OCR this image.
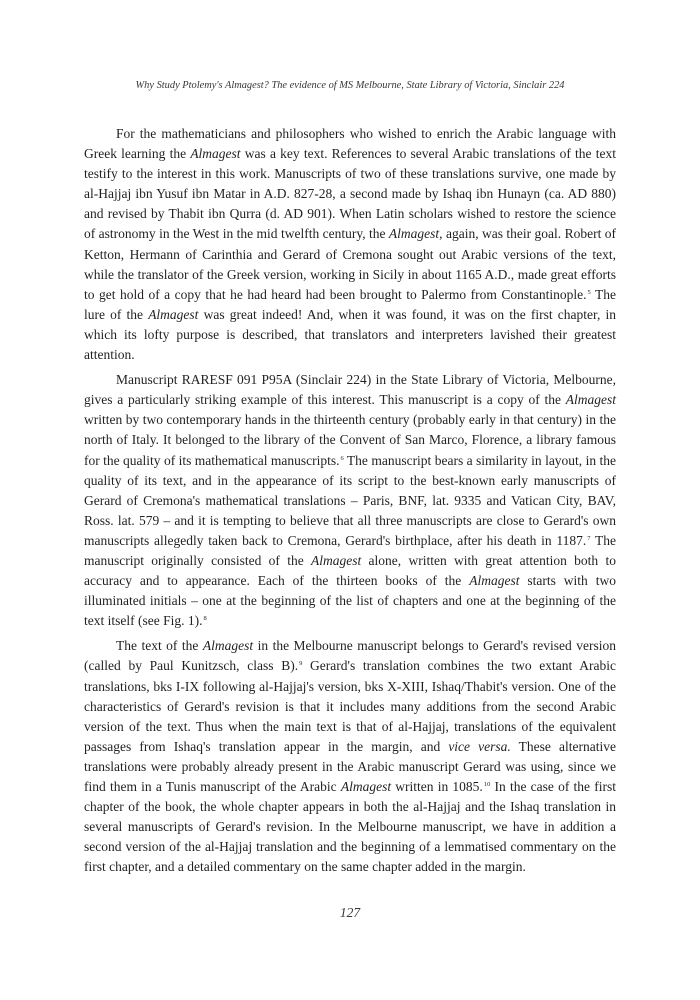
Why Study Ptolemy's Almagest? The evidence of MS Melbourne, State Library of Victoria, Sinclair 224

For the mathematicians and philosophers who wished to enrich the Arabic language with Greek learning the Almagest was a key text. References to several Arabic translations of the text testify to the interest in this work. Manuscripts of two of these translations survive, one made by al-Hajjaj ibn Yusuf ibn Matar in A.D. 827-28, a second made by Ishaq ibn Hunayn (ca. AD 880) and revised by Thabit ibn Qurra (d. AD 901). When Latin scholars wished to restore the science of astronomy in the West in the mid twelfth century, the Almagest, again, was their goal. Robert of Ketton, Hermann of Carinthia and Gerard of Cremona sought out Arabic versions of the text, while the translator of the Greek version, working in Sicily in about 1165 A.D., made great efforts to get hold of a copy that he had heard had been brought to Palermo from Constantinople.$^5$ The lure of the Almagest was great indeed! And, when it was found, it was on the first chapter, in which its lofty purpose is described, that translators and interpreters lavished their greatest attention.

Manuscript RARESF 091 P95A (Sinclair 224) in the State Library of Victoria, Melbourne, gives a particularly striking example of this interest. This manuscript is a copy of the Almagest written by two contemporary hands in the thirteenth century (probably early in that century) in the north of Italy. It belonged to the library of the Convent of San Marco, Florence, a library famous for the quality of its mathematical manuscripts.$^6$ The manuscript bears a similarity in layout, in the quality of its text, and in the appearance of its script to the best-known early manuscripts of Gerard of Cremona's mathematical translations – Paris, BNF, lat. 9335 and Vatican City, BAV, Ross. lat. 579 – and it is tempting to believe that all three manuscripts are close to Gerard's own manuscripts allegedly taken back to Cremona, Gerard's birthplace, after his death in 1187.$^7$ The manuscript originally consisted of the Almagest alone, written with great attention both to accuracy and to appearance. Each of the thirteen books of the Almagest starts with two illuminated initials – one at the beginning of the list of chapters and one at the beginning of the text itself (see Fig. 1).$^8$

The text of the Almagest in the Melbourne manuscript belongs to Gerard's revised version (called by Paul Kunitzsch, class B).$^9$ Gerard's translation combines the two extant Arabic translations, bks I-IX following al-Hajjaj's version, bks X-XIII, Ishaq/Thabit's version. One of the characteristics of Gerard's revision is that it includes many additions from the second Arabic version of the text. Thus when the main text is that of al-Hajjaj, translations of the equivalent passages from Ishaq's translation appear in the margin, and vice versa. These alternative translations were probably already present in the Arabic manuscript Gerard was using, since we find them in a Tunis manuscript of the Arabic Almagest written in 1085.10 In the case of the first chapter of the book, the whole chapter appears in both the al-Hajjaj and the Ishaq translation in several manuscripts of Gerard's revision. In the Melbourne manuscript, we have in addition a second version of the al-Hajjaj translation and the beginning of a lemmatised commentary on the first chapter, and a detailed commentary on the same chapter added in the margin.

127
